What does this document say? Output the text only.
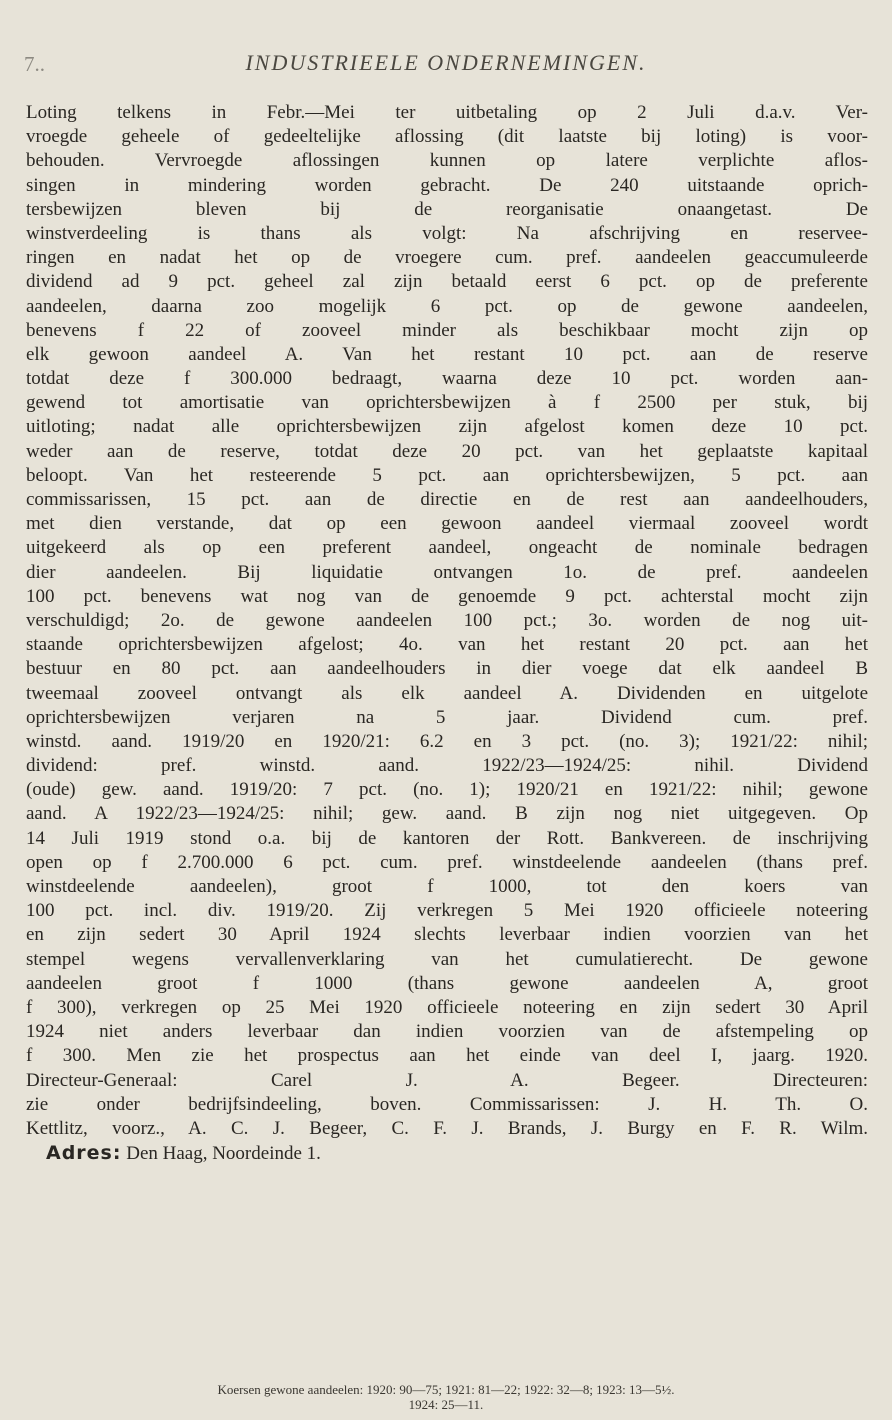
7..	INDUSTRIEELE ONDERNEMINGEN.
Loting telkens in Febr.—Mei ter uitbetaling op 2 Juli d.a.v. Ver-
vroegde geheele of gedeeltelijke aflossing (dit laatste bij loting) is voor-
behouden. Vervroegde aflossingen kunnen op latere verplichte aflos-
singen in mindering worden gebracht. De 240 uitstaande oprich-
tersbewijzen bleven bij de reorganisatie onaangetast. De
winstverdeeling is thans als volgt: Na afschrijving en reservee-
ringen en nadat het op de vroegere cum. pref. aandeelen geaccumuleerde
dividend ad 9 pct. geheel zal zijn betaald eerst 6 pct. op de preferente
aandeelen, daarna zoo mogelijk 6 pct. op de gewone aandeelen,
benevens f 22 of zooveel minder als beschikbaar mocht zijn op
elk gewoon aandeel A. Van het restant 10 pct. aan de reserve
totdat deze f 300.000 bedraagt, waarna deze 10 pct. worden aan-
gewend tot amortisatie van oprichtersbewijzen à f 2500 per stuk, bij
uitloting; nadat alle oprichtersbewijzen zijn afgelost komen deze 10 pct.
weder aan de reserve, totdat deze 20 pct. van het geplaatste kapitaal
beloopt. Van het resteerende 5 pct. aan oprichtersbewijzen, 5 pct. aan
commissarissen, 15 pct. aan de directie en de rest aan aandeelhouders,
met dien verstande, dat op een gewoon aandeel viermaal zooveel wordt
uitgekeerd als op een preferent aandeel, ongeacht de nominale bedragen
dier aandeelen. Bij liquidatie ontvangen 1o. de pref. aandeelen
100 pct. benevens wat nog van de genoemde 9 pct. achterstal mocht zijn
verschuldigd; 2o. de gewone aandeelen 100 pct.; 3o. worden de nog uit-
staande oprichtersbewijzen afgelost; 4o. van het restant 20 pct. aan het
bestuur en 80 pct. aan aandeelhouders in dier voege dat elk aandeel B
tweemaal zooveel ontvangt als elk aandeel A. Dividenden en uitgelote
oprichtersbewijzen verjaren na 5 jaar. Dividend cum. pref.
winstd. aand. 1919/20 en 1920/21: 6.2 en 3 pct. (no. 3); 1921/22: nihil;
dividend: pref. winstd. aand. 1922/23—1924/25: nihil. Dividend
(oude) gew. aand. 1919/20: 7 pct. (no. 1); 1920/21 en 1921/22: nihil; gewone
aand. A 1922/23—1924/25: nihil; gew. aand. B zijn nog niet uitgegeven. Op
14 Juli 1919 stond o.a. bij de kantoren der Rott. Bankvereen. de inschrijving
open op f 2.700.000 6 pct. cum. pref. winstdeelende aandeelen (thans pref.
winstdeelende aandeelen), groot f 1000, tot den koers van
100 pct. incl. div. 1919/20. Zij verkregen 5 Mei 1920 officieele noteering
en zijn sedert 30 April 1924 slechts leverbaar indien voorzien van het
stempel wegens vervallenverklaring van het cumulatierecht. De gewone
aandeelen groot f 1000 (thans gewone aandeelen A, groot
f 300), verkregen op 25 Mei 1920 officieele noteering en zijn sedert 30 April
1924 niet anders leverbaar dan indien voorzien van de afstempeling op
f 300. Men zie het prospectus aan het einde van deel I, jaarg. 1920.
Directeur-Generaal: Carel J. A. Begeer. Directeuren:
zie onder bedrijfsindeeling, boven. Commissarissen: J. H. Th. O.
Kettlitz, voorz., A. C. J. Begeer, C. F. J. Brands, J. Burgy en F. R. Wilm.
Adres: Den Haag, Noordeinde 1.
Koersen gewone aandeelen: 1920: 90—75; 1921: 81—22; 1922: 32—8; 1923: 13—5½.
1924: 25—11.
